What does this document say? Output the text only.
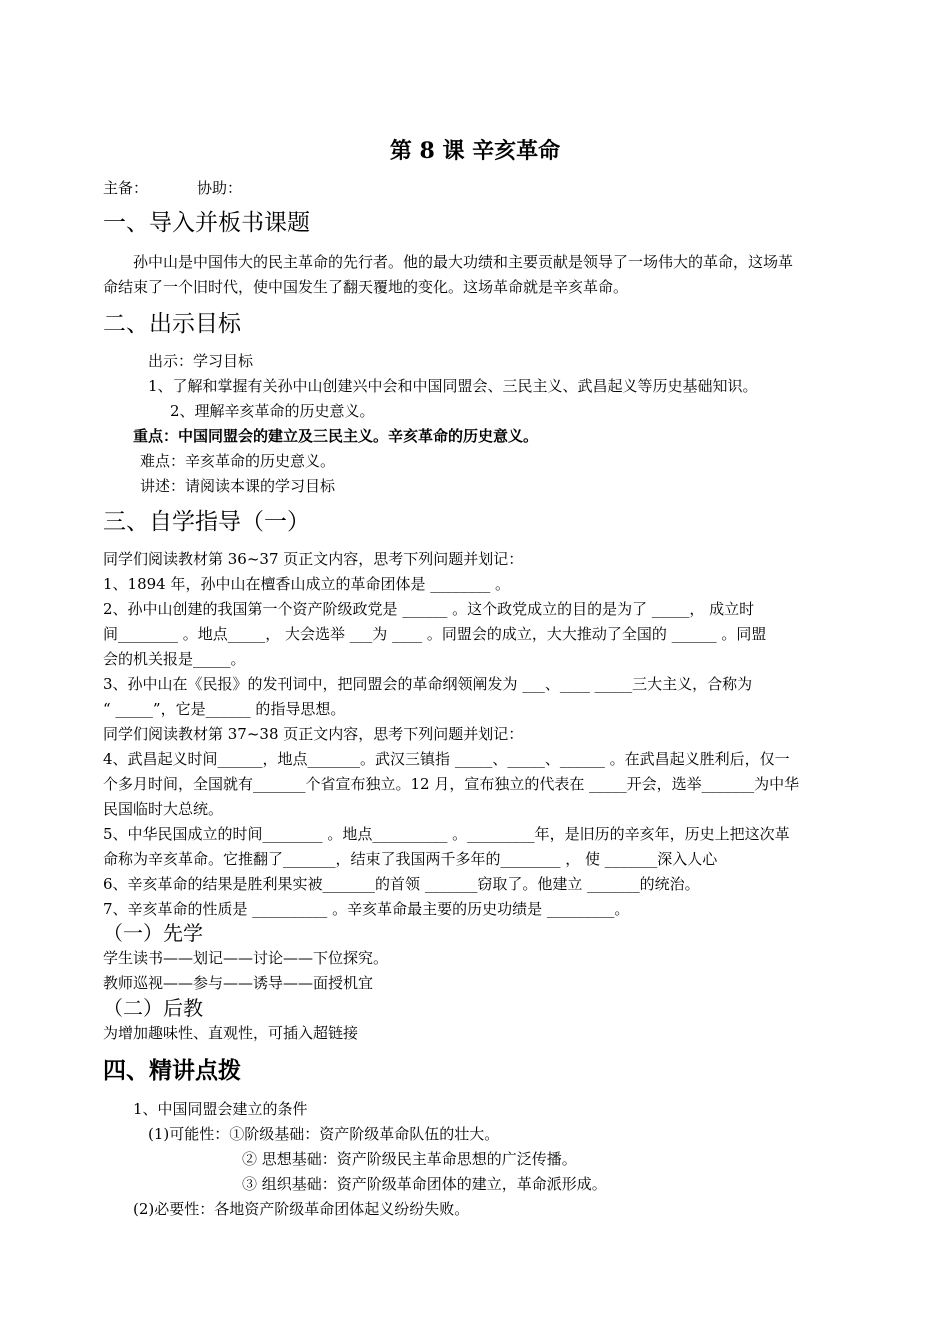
第 8 课 辛亥革命
主备：	协助：
一、导入并板书课题
孙中山是中国伟大的民主革命的先行者。他的最大功绩和主要贡献是领导了一场伟大的革命，这场革
命结束了一个旧时代，使中国发生了翻天覆地的变化。这场革命就是辛亥革命。
二、出示目标
出示：学习目标
1、了解和掌握有关孙中山创建兴中会和中国同盟会、三民主义、武昌起义等历史基础知识。
2、理解辛亥革命的历史意义。
重点：中国同盟会的建立及三民主义。辛亥革命的历史意义。
难点：辛亥革命的历史意义。
讲述：请阅读本课的学习目标
三、自学指导（一）
同学们阅读教材第 36~37 页正文内容，思考下列问题并划记：
1、1894 年，孙中山在檀香山成立的革命团体是 ________ 。
2、孙中山创建的我国第一个资产阶级政党是 ______ 。这个政党成立的目的是为了 _____， 成立时
间________ 。地点_____， 大会选举 ___为 ____ 。同盟会的成立，大大推动了全国的 ______ 。同盟
会的机关报是_____。
3、孙中山在《民报》的发刊词中，把同盟会的革命纲领阐发为 ___、____ _____三大主义，合称为
“ _____”，它是______ 的指导思想。
同学们阅读教材第 37~38 页正文内容，思考下列问题并划记：
4、武昌起义时间______，地点_______。武汉三镇指 _____、_____、______ 。在武昌起义胜利后，仅一
个多月时间，全国就有_______个省宣布独立。12 月，宣布独立的代表在 _____开会，选举_______为中华
民国临时大总统。
5、中华民国成立的时间________ 。地点__________ 。_________年，是旧历的辛亥年，历史上把这次革
命称为辛亥革命。它推翻了_______，结束了我国两千多年的________ ， 使 _______深入人心
6、辛亥革命的结果是胜利果实被_______的首领 _______窃取了。他建立 _______的统治。
7、辛亥革命的性质是 __________ 。辛亥革命最主要的历史功绩是 _________。
（一）先学
学生读书——划记——讨论——下位探究。
教师巡视——参与——诱导——面授机宜
（二）后教
为增加趣味性、直观性，可插入超链接
四、精讲点拨
1、中国同盟会建立的条件
(1)可能性：①阶级基础：资产阶级革命队伍的壮大。
② 思想基础：资产阶级民主革命思想的广泛传播。
③ 组织基础：资产阶级革命团体的建立，革命派形成。
(2)必要性：各地资产阶级革命团体起义纷纷失败。
